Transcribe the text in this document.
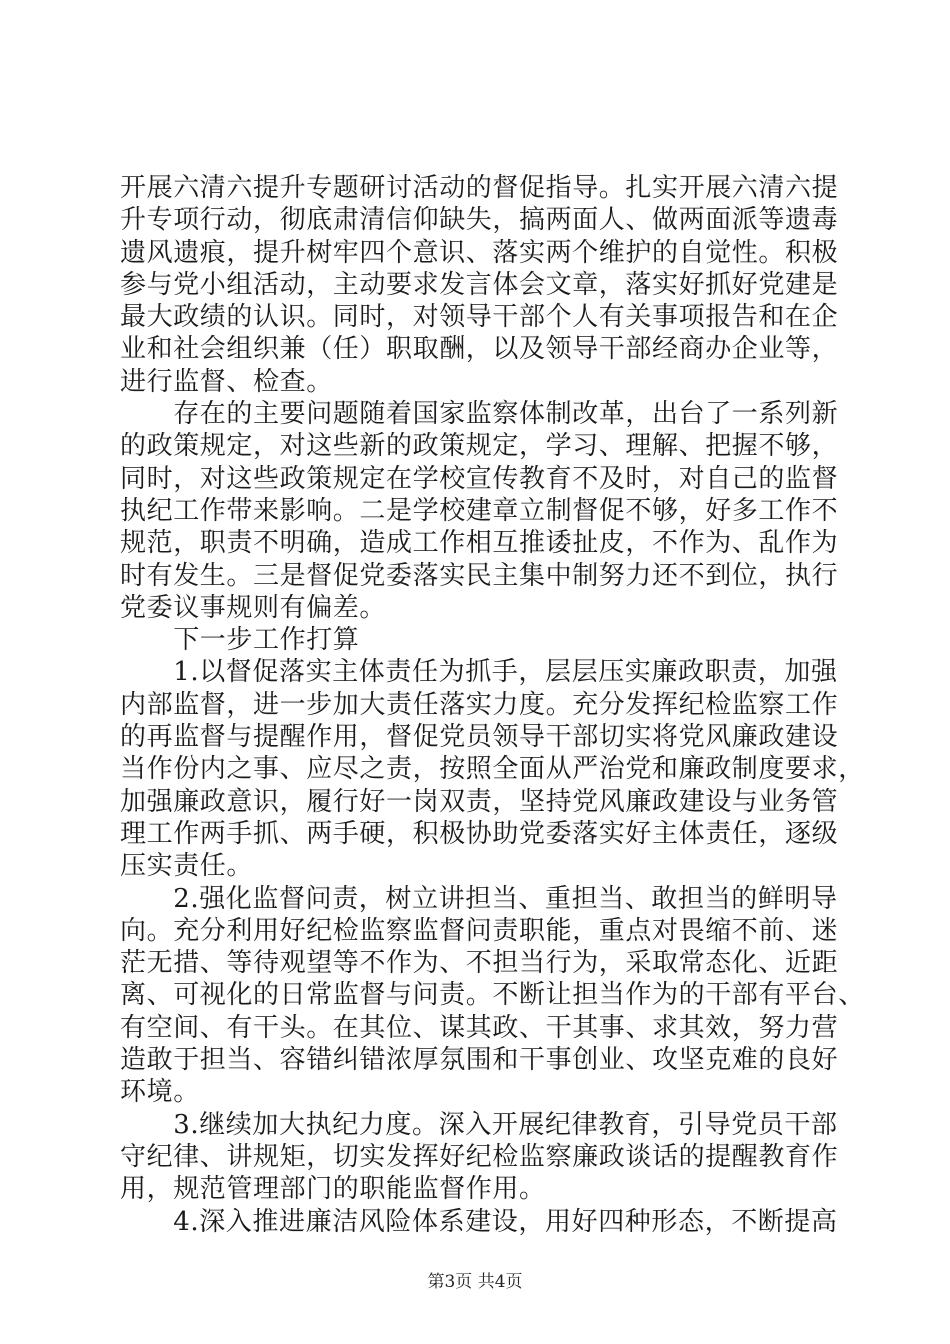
开展六清六提升专题研讨活动的督促指导。扎实开展六清六提
升专项行动，彻底肃清信仰缺失，搞两面人、做两面派等遗毒
遗风遗痕，提升树牢四个意识、落实两个维护的自觉性。积极
参与党小组活动，主动要求发言体会文章，落实好抓好党建是
最大政绩的认识。同时，对领导干部个人有关事项报告和在企
业和社会组织兼（任）职取酬，以及领导干部经商办企业等，
进行监督、检查。
　　存在的主要问题随着国家监察体制改革，出台了一系列新
的政策规定，对这些新的政策规定，学习、理解、把握不够，
同时，对这些政策规定在学校宣传教育不及时，对自己的监督
执纪工作带来影响。二是学校建章立制督促不够，好多工作不
规范，职责不明确，造成工作相互推诿扯皮，不作为、乱作为
时有发生。三是督促党委落实民主集中制努力还不到位，执行
党委议事规则有偏差。
　　下一步工作打算
　　1.以督促落实主体责任为抓手，层层压实廉政职责，加强
内部监督，进一步加大责任落实力度。充分发挥纪检监察工作
的再监督与提醒作用，督促党员领导干部切实将党风廉政建设
当作份内之事、应尽之责，按照全面从严治党和廉政制度要求，
加强廉政意识，履行好一岗双责，坚持党风廉政建设与业务管
理工作两手抓、两手硬，积极协助党委落实好主体责任，逐级
压实责任。
　　2.强化监督问责，树立讲担当、重担当、敢担当的鲜明导
向。充分利用好纪检监察监督问责职能，重点对畏缩不前、迷
茫无措、等待观望等不作为、不担当行为，采取常态化、近距
离、可视化的日常监督与问责。不断让担当作为的干部有平台、
有空间、有干头。在其位、谋其政、干其事、求其效，努力营
造敢于担当、容错纠错浓厚氛围和干事创业、攻坚克难的良好
环境。
　　3.继续加大执纪力度。深入开展纪律教育，引导党员干部
守纪律、讲规矩，切实发挥好纪检监察廉政谈话的提醒教育作
用，规范管理部门的职能监督作用。
　　4.深入推进廉洁风险体系建设，用好四种形态，不断提高
第3页 共4页
